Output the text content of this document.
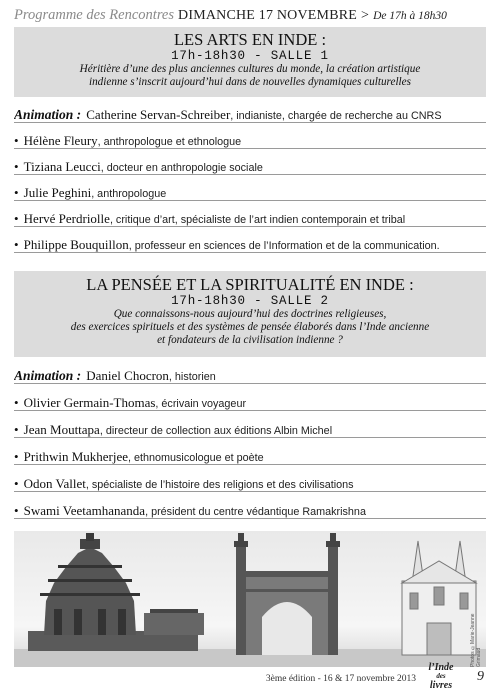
Programme des Rencontres DIMANCHE 17 NOVEMBRE > De 17h à 18h30
LES ARTS EN INDE :
17h-18h30 - SALLE 1
Héritière d’une des plus anciennes cultures du monde, la création artistique
indienne s’inscrit aujourd’hui dans de nouvelles dynamiques culturelles
Animation : Catherine Servan-Schreiber, indianiste, chargée de recherche au CNRS
• Hélène Fleury, anthropologue et ethnologue
• Tiziana Leucci, docteur en anthropologie sociale
• Julie Peghini, anthropologue
• Hervé Perdriolle, critique d’art, spécialiste de l’art indien contemporain et tribal
• Philippe Bouquillon, professeur en sciences de l’Information et de la communication.
LA PENSÉE ET LA SPIRITUALITÉ EN INDE :
17h-18h30 - SALLE 2
Que connaissons-nous aujourd’hui des doctrines religieuses,
des exercices spirituels et des systèmes de pensée élaborés dans l’Inde ancienne
et fondateurs de la civilisation indienne ?
Animation : Daniel Chocron, historien
• Olivier Germain-Thomas, écrivain voyageur
• Jean Mouttapa, directeur de collection aux éditions Albin Michel
• Prithwin Mukherjee, ethnomusicologue et poète
• Odon Vallet, spécialiste de l’histoire des religions et des civilisations
• Swami Veetamhananda, président du centre védantique Ramakrishna
Photos ©Marie-Jeanne Grimaud
3ème édition - 16 & 17 novembre 2013
l’Inde
des
livres
9
